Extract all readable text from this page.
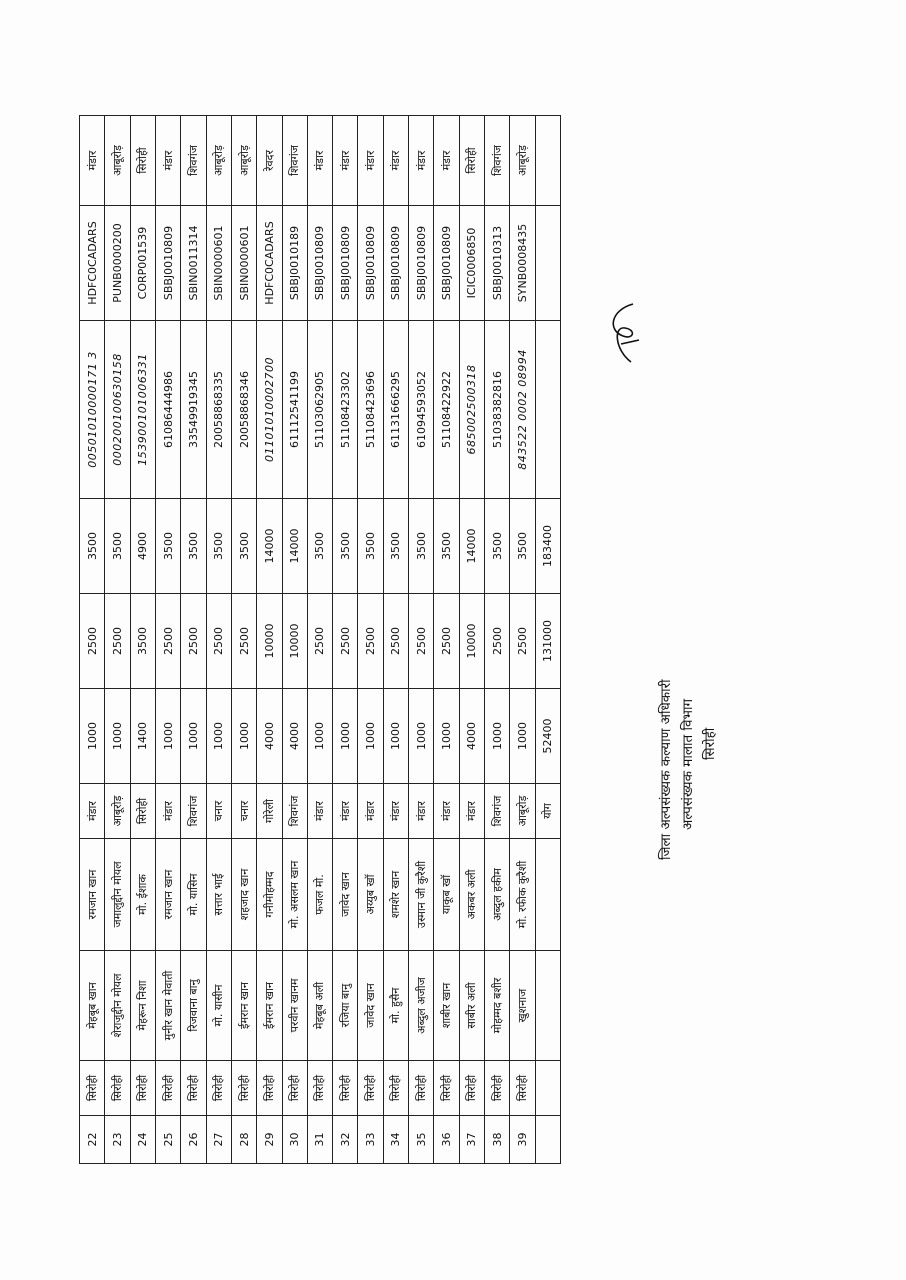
22	सिरोही	मेहबूब खान	रमजान खान	मंडार	1000	2500	3500	00501010000171 3	HDFC0CADARS	मंडार
23	सिरोही	शेराजुद्दीन मोयल	जमालुद्दीन मोयल	आबूरोड़	1000	2500	3500	000200100630158	PUNB0000200	आबूरोड़
24	सिरोही	मेहरून निशा	मो. ईशाक	सिरोही	1400	3500	4900	153900101006331	CORP001539	सिरोही
25	सिरोही	मुनीर खान मेवाती	रमजान खान	मंडार	1000	2500	3500	61086444986	SBBJ0010809	मंडार
26	सिरोही	रिजवाना बानु	मो. यासिन	शिवगंज	1000	2500	3500	33549919345	SBIN0011314	शिवगंज
27	सिरोही	मो. यासीन	सत्तार भाई	चनार	1000	2500	3500	20058868335	SBIN0000601	आबूरोड़
28	सिरोही	ईमरान खान	शहजाद खान	चनार	1000	2500	3500	20058868346	SBIN0000601	आबूरोड़
29	सिरोही	ईमरान खान	गनीमोहम्मद	गोरेली	4000	10000	14000	01101010002700	HDFC0CADARS	रेवदर
30	सिरोही	परवीन खानम	मो. असलम खान	शिवगंज	4000	10000	14000	61112541199	SBBJ0010189	शिवगंज
31	सिरोही	मेहबूब अली	फजल मो.	मंडार	1000	2500	3500	51103062905	SBBJ0010809	मंडार
32	सिरोही	रजिया बानु	जावेद खान	मंडार	1000	2500	3500	51108423302	SBBJ0010809	मंडार
33	सिरोही	जावेद खान	अय्युब खॉ	मंडार	1000	2500	3500	51108423696	SBBJ0010809	मंडार
34	सिरोही	मो. हुसैन	शमशेर खान	मंडार	1000	2500	3500	61131666295	SBBJ0010809	मंडार
35	सिरोही	अब्दुल अजीज	उस्मान जी कुरैशी	मंडार	1000	2500	3500	61094593052	SBBJ0010809	मंडार
36	सिरोही	शाबीर खान	याकूब खॉ	मंडार	1000	2500	3500	51108422922	SBBJ0010809	मंडार
37	सिरोही	साबीर अली	अकबर अली	मंडार	4000	10000	14000	685002500318	ICIC0006850	सिरोही
38	सिरोही	मोहम्मद बशीर	अब्दुल हकीम	शिवगंज	1000	2500	3500	51038382816	SBBJ0010313	शिवगंज
39	सिरोही	खुशनाज	मो. रफीक कुरैशी	आबूरोड़	1000	2500	3500	843522 0002 08994	SYNB0008435	आबूरोड़
				योग	52400	131000	183400			
जिला अल्पसंख्यक कल्याण अधिकारी अल्पसंख्यक मालात विभाग सिरोही
